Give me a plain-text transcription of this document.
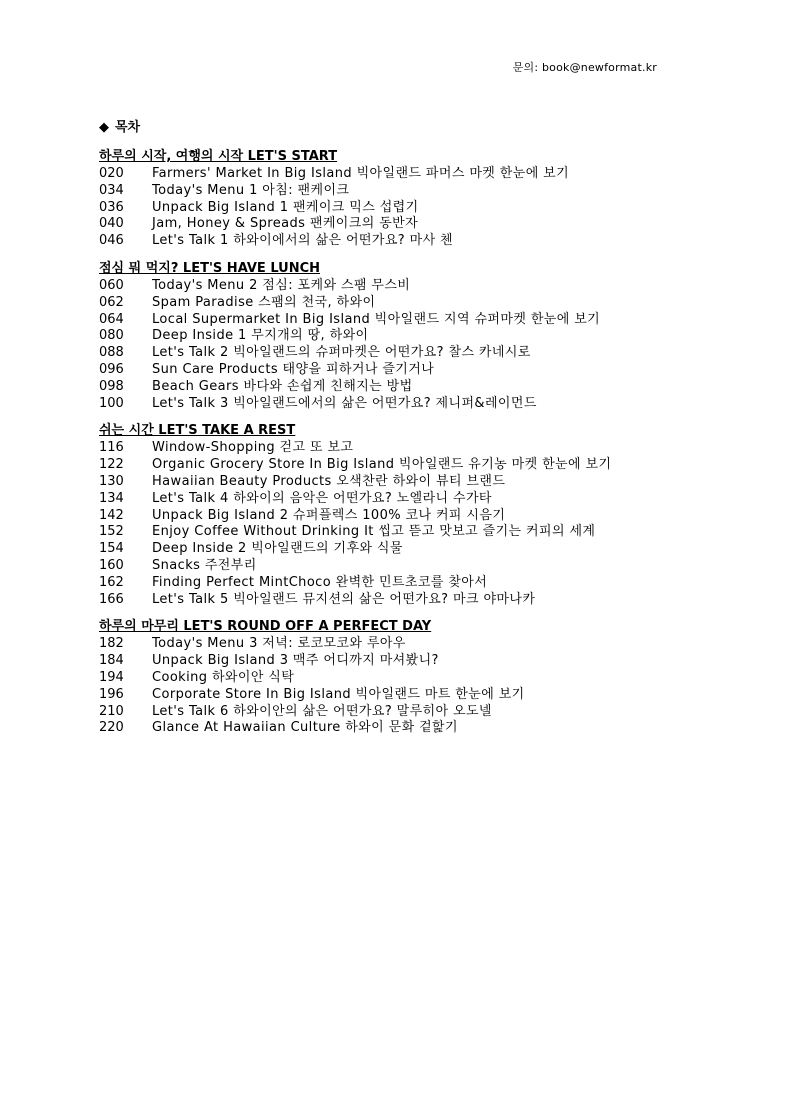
문의: book@newformat.kr
◆ 목차
하루의 시작, 여행의 시작 LET'S START
020	Farmers' Market In Big Island 빅아일랜드 파머스 마켓 한눈에 보기
034	Today's Menu 1 아침: 팬케이크
036	Unpack Big Island 1 팬케이크 믹스 섭렵기
040	Jam, Honey & Spreads 팬케이크의 동반자
046	Let's Talk 1 하와이에서의 삶은 어떤가요? 마사 첸
점심 뭐 먹지? LET'S HAVE LUNCH
060	Today's Menu 2 점심: 포케와 스팸 무스비
062	Spam Paradise 스팸의 천국, 하와이
064	Local Supermarket In Big Island 빅아일랜드 지역 슈퍼마켓 한눈에 보기
080	Deep Inside 1 무지개의 땅, 하와이
088	Let's Talk 2 빅아일랜드의 슈퍼마켓은 어떤가요? 찰스 카네시로
096	Sun Care Products 태양을 피하거나 즐기거나
098	Beach Gears 바다와 손쉽게 친해지는 방법
100	Let's Talk 3 빅아일랜드에서의 삶은 어떤가요? 제니퍼&레이먼드
쉬는 시간 LET'S TAKE A REST
116	Window-Shopping 걷고 또 보고
122	Organic Grocery Store In Big Island 빅아일랜드 유기농 마켓 한눈에 보기
130	Hawaiian Beauty Products 오색찬란 하와이 뷰티 브랜드
134	Let's Talk 4 하와이의 음악은 어떤가요? 노엘라니 수가타
142	Unpack Big Island 2 슈퍼플렉스 100% 코나 커피 시음기
152	Enjoy Coffee Without Drinking It 씹고 뜯고 맛보고 즐기는 커피의 세계
154	Deep Inside 2 빅아일랜드의 기후와 식물
160	Snacks 주전부리
162	Finding Perfect MintChoco 완벽한 민트초코를 찾아서
166	Let's Talk 5 빅아일랜드 뮤지션의 삶은 어떤가요? 마크 야마나카
하루의 마무리 LET'S ROUND OFF A PERFECT DAY
182	Today's Menu 3 저녁: 로코모코와 루아우
184	Unpack Big Island 3 맥주 어디까지 마셔봤니?
194	Cooking 하와이안 식탁
196	Corporate Store In Big Island 빅아일랜드 마트 한눈에 보기
210	Let's Talk 6 하와이안의 삶은 어떤가요? 말루히아 오도넬
220	Glance At Hawaiian Culture 하와이 문화 겉핥기
